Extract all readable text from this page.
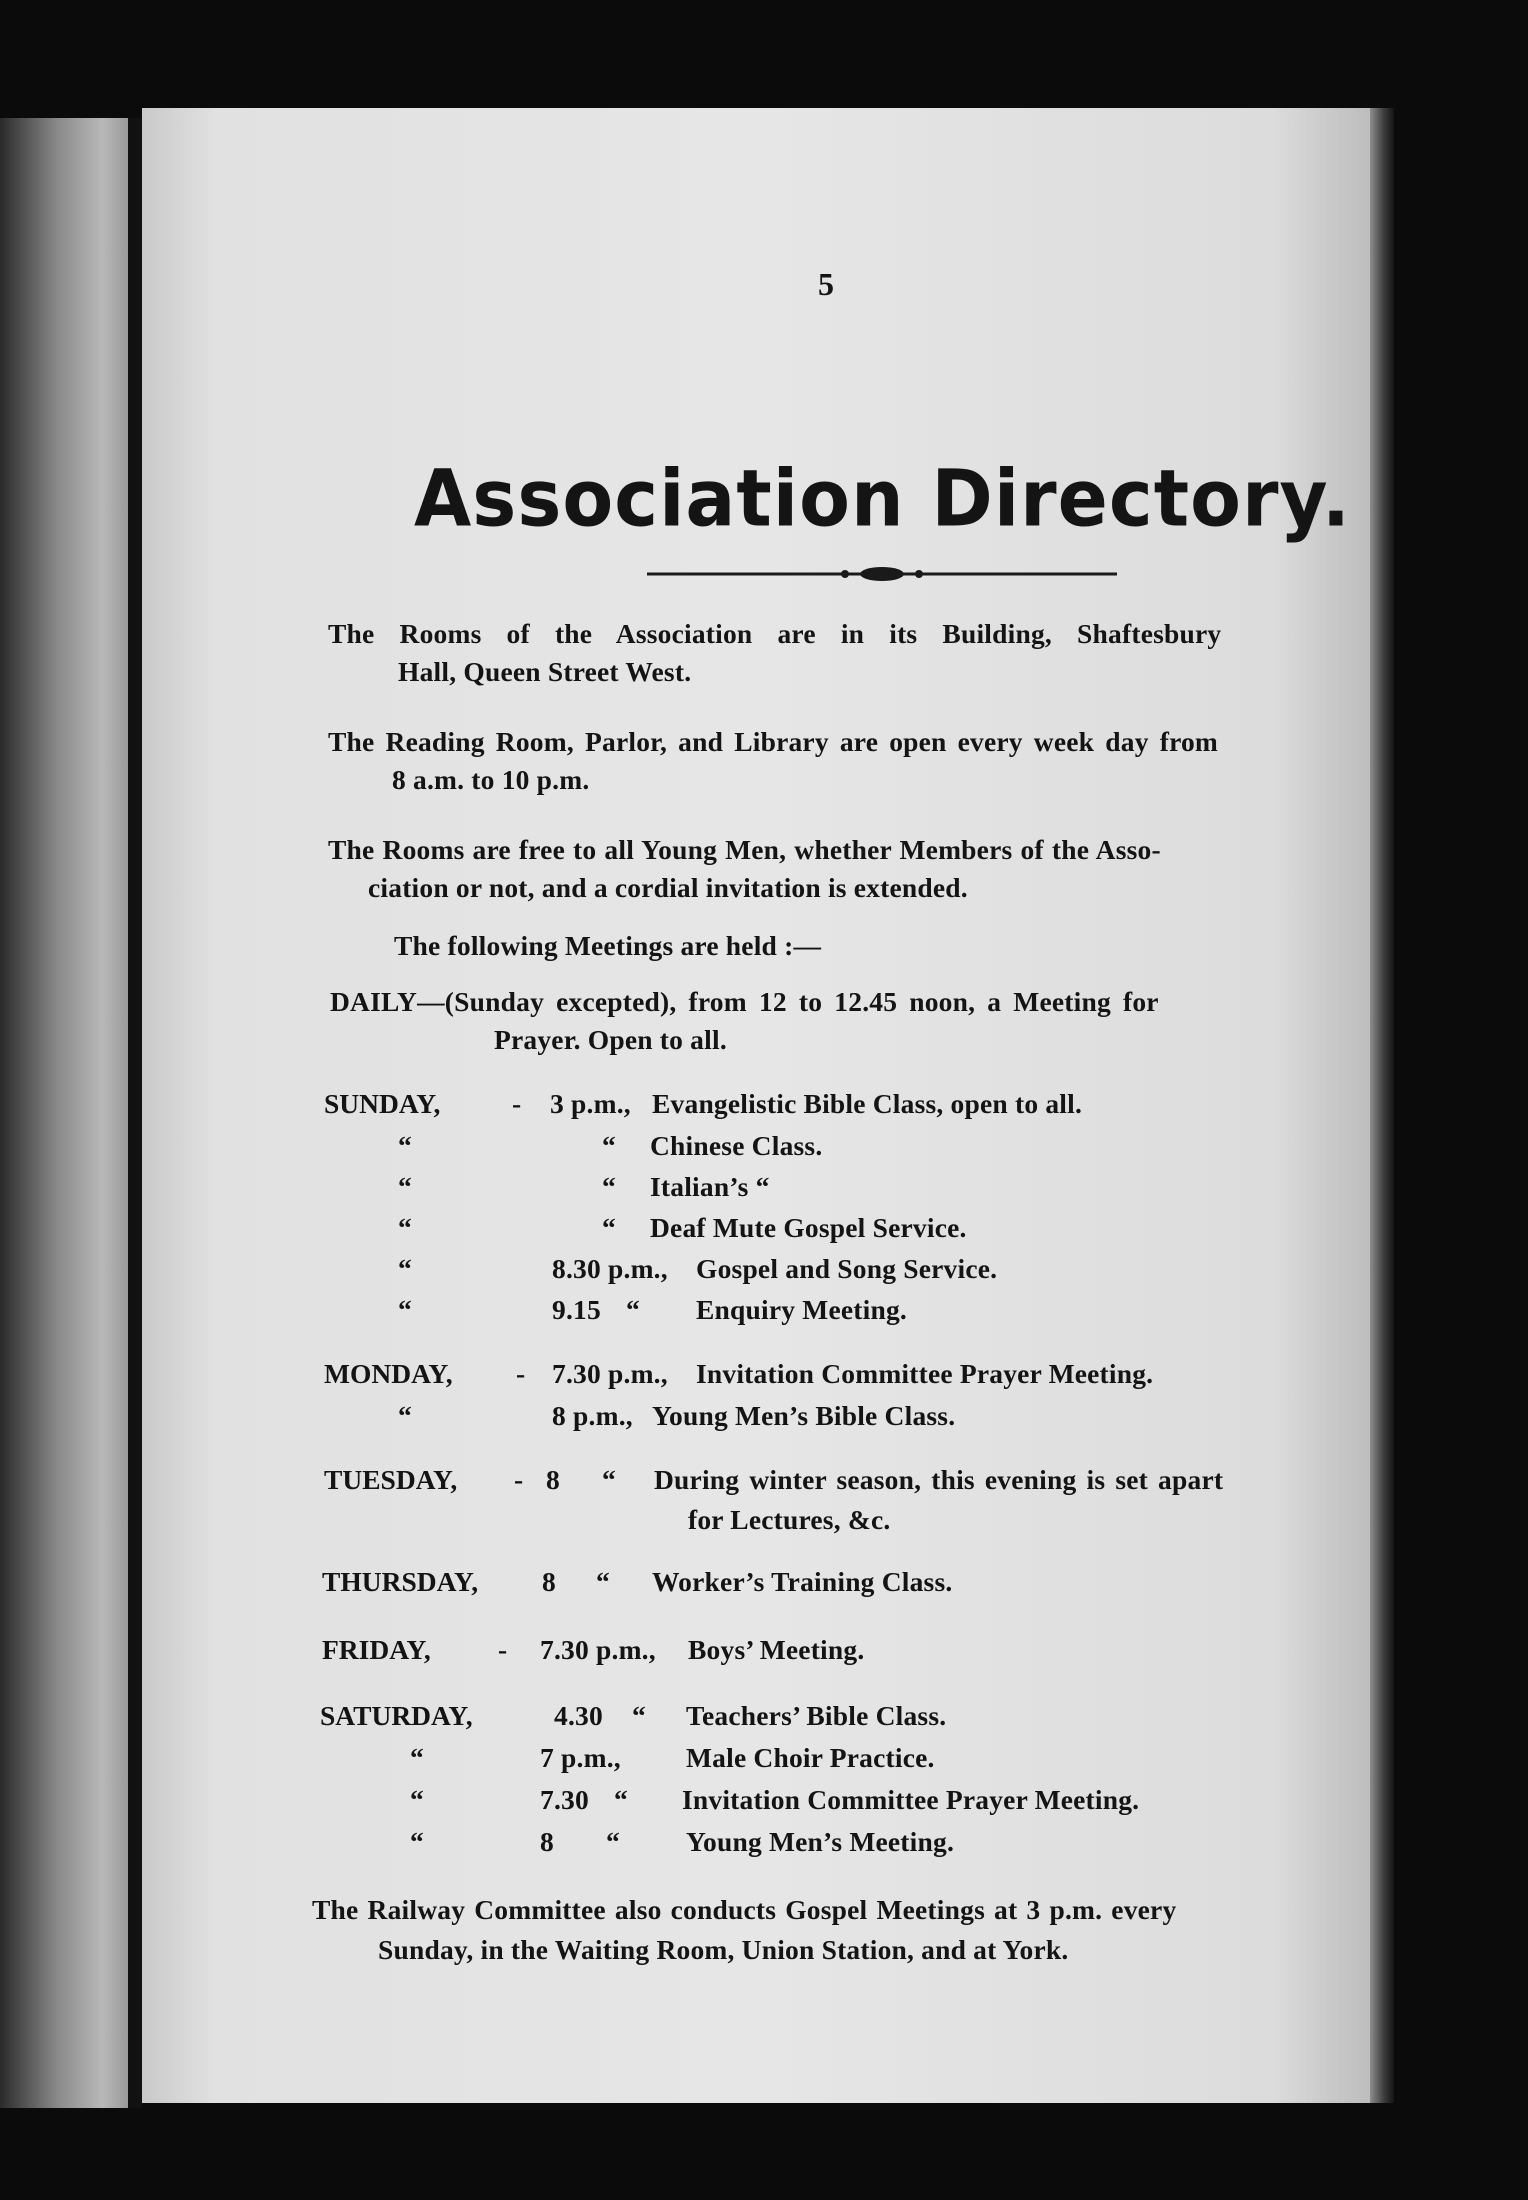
5
Association Directory.
The Rooms of the Association are in its Building, Shaftesbury
Hall, Queen Street West.
The Reading Room, Parlor, and Library are open every week day from
8 a.m. to 10 p.m.
The Rooms are free to all Young Men, whether Members of the Asso-
ciation or not, and a cordial invitation is extended.
The following Meetings are held :—
DAILY—(Sunday excepted), from 12 to 12.45 noon, a Meeting for
Prayer. Open to all.
SUNDAY,	- 3 p.m., Evangelistic Bible Class, open to all.
“	“ Chinese Class.
“	“ Italian’s “
“	“ Deaf Mute Gospel Service.
“	8.30 p.m., Gospel and Song Service.
“	9.15 “ Enquiry Meeting.
MONDAY, - 7.30 p.m., Invitation Committee Prayer Meeting.
“	8 p.m., Young Men’s Bible Class.
TUESDAY, - 8 “ During winter season, this evening is set apart
for Lectures, &c.
THURSDAY, 8 “ Worker’s Training Class.
FRIDAY, - 7.30 p.m., Boys’ Meeting.
SATURDAY,	4.30 “ Teachers’ Bible Class.
“	7 p.m., Male Choir Practice.
“	7.30 “ Invitation Committee Prayer Meeting.
“	8 “ Young Men’s Meeting.
The Railway Committee also conducts Gospel Meetings at 3 p.m. every
Sunday, in the Waiting Room, Union Station, and at York.
